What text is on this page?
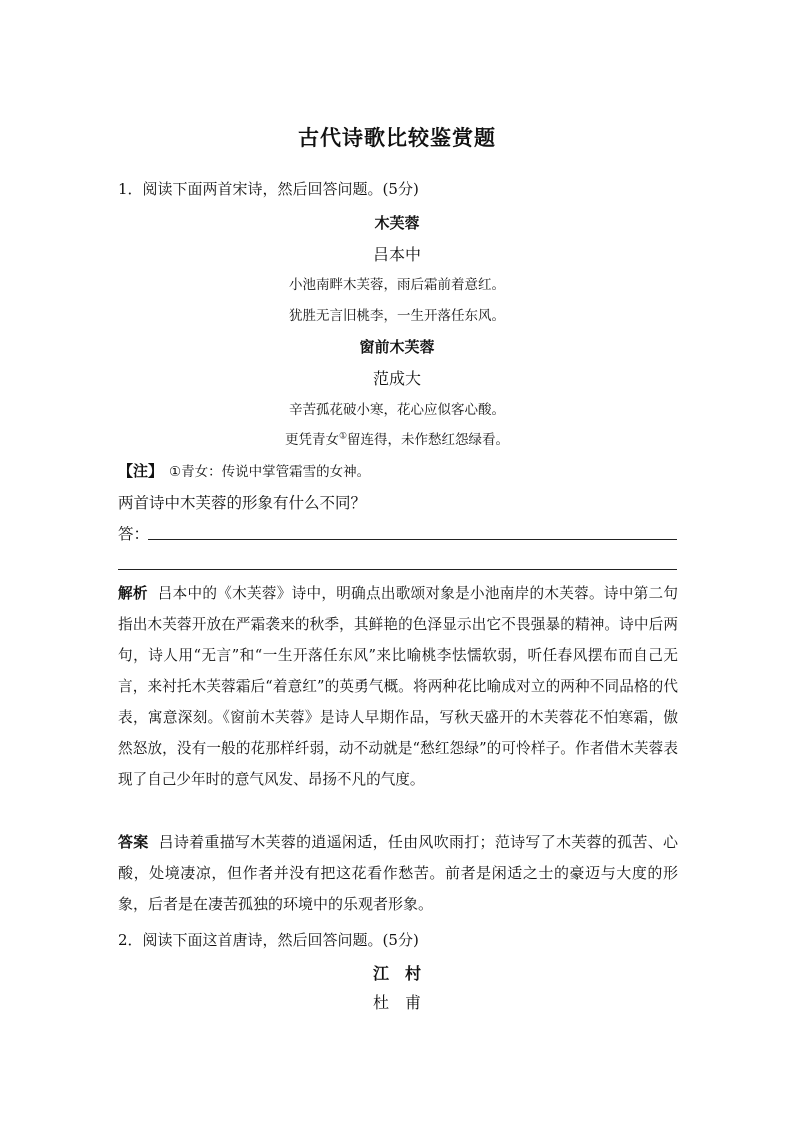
古代诗歌比较鉴赏题
1．阅读下面两首宋诗，然后回答问题。(5分)
木芙蓉
吕本中
小池南畔木芙蓉，雨后霜前着意红。
犹胜无言旧桃李，一生开落任东风。
窗前木芙蓉
范成大
辛苦孤花破小寒，花心应似客心酸。
更凭青女①留连得，未作愁红怨绿看。
【注】 ①青女：传说中掌管霜雪的女神。
两首诗中木芙蓉的形象有什么不同？
答：
解析 吕本中的《木芙蓉》诗中，明确点出歌颂对象是小池南岸的木芙蓉。诗中第二句指出木芙蓉开放在严霜袭来的秋季，其鲜艳的色泽显示出它不畏强暴的精神。诗中后两句，诗人用“无言”和“一生开落任东风”来比喻桃李怯懦软弱，听任春风摆布而自己无言，来衬托木芙蓉霜后“着意红”的英勇气概。将两种花比喻成对立的两种不同品格的代表，寓意深刻。《窗前木芙蓉》是诗人早期作品，写秋天盛开的木芙蓉花不怕寒霜，傲然怒放，没有一般的花那样纤弱，动不动就是“愁红怨绿”的可怜样子。作者借木芙蓉表现了自己少年时的意气风发、昂扬不凡的气度。
答案 吕诗着重描写木芙蓉的逍遥闲适，任由风吹雨打；范诗写了木芙蓉的孤苦、心酸，处境凄凉，但作者并没有把这花看作愁苦。前者是闲适之士的豪迈与大度的形象，后者是在凄苦孤独的环境中的乐观者形象。
2．阅读下面这首唐诗，然后回答问题。(5分)
江　村
杜　甫
